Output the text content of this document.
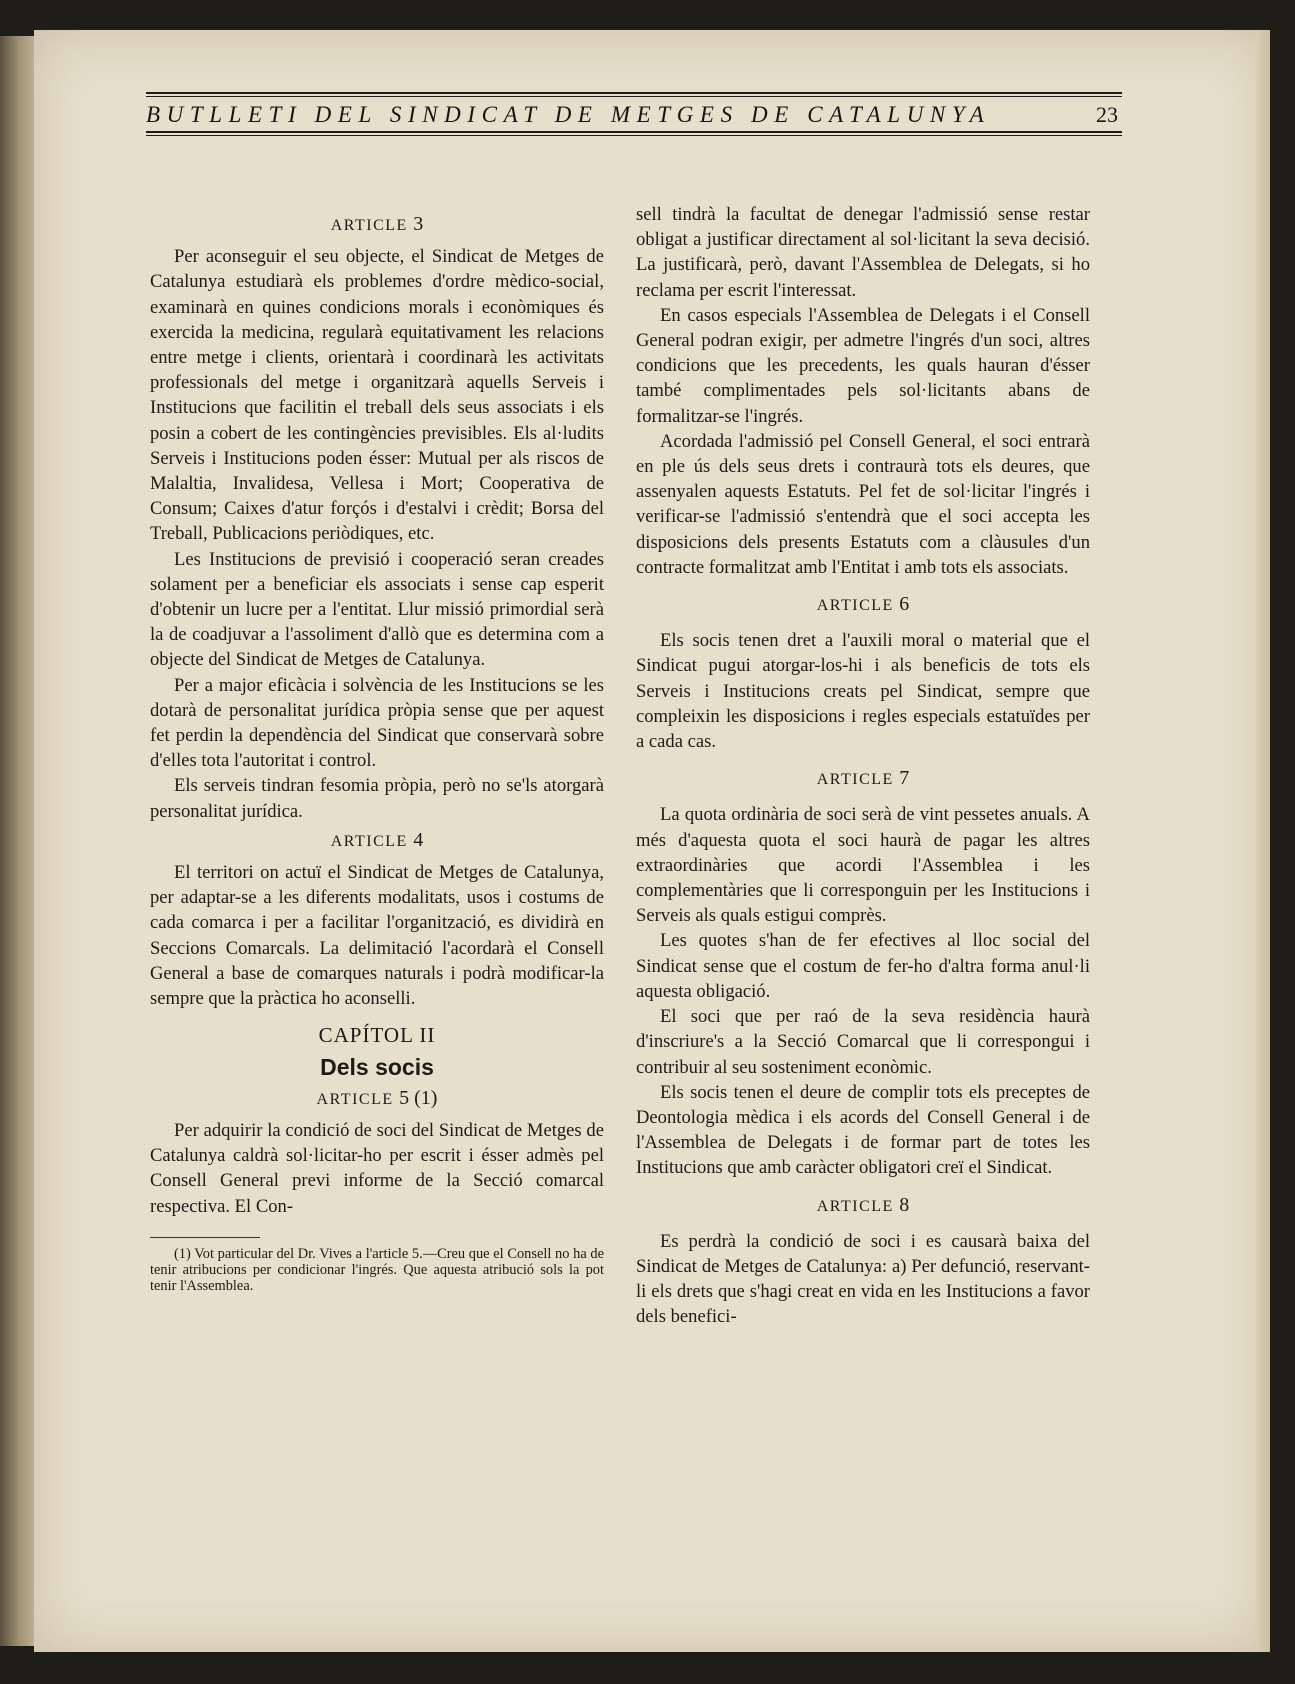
BUTLLETI DEL SINDICAT DE METGES DE CATALUNYA	23
ARTICLE 3

Per aconseguir el seu objecte, el Sindicat de Metges de Catalunya estudiarà els problemes d'ordre mèdico-social, examinarà en quines condicions morals i econòmiques és exercida la medicina, regularà equitativament les relacions entre metge i clients, orientarà i coordinarà les activitats professionals del metge i organitzarà aquells Serveis i Institucions que facilitin el treball dels seus associats i els posin a cobert de les contingències previsibles. Els al·ludits Serveis i Institucions poden ésser: Mutual per als riscos de Malaltia, Invalidesa, Vellesa i Mort; Cooperativa de Consum; Caixes d'atur forçós i d'estalvi i crèdit; Borsa del Treball, Publicacions periòdiques, etc.

Les Institucions de previsió i cooperació seran creades solament per a beneficiar els associats i sense cap esperit d'obtenir un lucre per a l'entitat. Llur missió primordial serà la de coadjuvar a l'assoliment d'allò que es determina com a objecte del Sindicat de Metges de Catalunya.

Per a major eficàcia i solvència de les Institucions se les dotarà de personalitat jurídica pròpia sense que per aquest fet perdin la dependència del Sindicat que conservarà sobre d'elles tota l'autoritat i control.

Els serveis tindran fesomia pròpia, però no se'ls atorgarà personalitat jurídica.

ARTICLE 4

El territori on actuï el Sindicat de Metges de Catalunya, per adaptar-se a les diferents modalitats, usos i costums de cada comarca i per a facilitar l'organització, es dividirà en Seccions Comarcals. La delimitació l'acordarà el Consell General a base de comarques naturals i podrà modificar-la sempre que la pràctica ho aconselli.

CAPÍTOL II
Dels socis
ARTICLE 5 (1)

Per adquirir la condició de soci del Sindicat de Metges de Catalunya caldrà sol·licitar-ho per escrit i ésser admès pel Consell General previ informe de la Secció comarcal respectiva. El Con-

(1) Vot particular del Dr. Vives a l'article 5.—Creu que el Consell no ha de tenir atribucions per condicionar l'ingrés. Que aquesta atribució sols la pot tenir l'Assemblea.

sell tindrà la facultat de denegar l'admissió sense restar obligat a justificar directament al sol·licitant la seva decisió. La justificarà, però, davant l'Assemblea de Delegats, si ho reclama per escrit l'interessat.

En casos especials l'Assemblea de Delegats i el Consell General podran exigir, per admetre l'ingrés d'un soci, altres condicions que les precedents, les quals hauran d'ésser també complimentades pels sol·licitants abans de formalitzar-se l'ingrés.

Acordada l'admissió pel Consell General, el soci entrarà en ple ús dels seus drets i contraurà tots els deures, que assenyalen aquests Estatuts. Pel fet de sol·licitar l'ingrés i verificar-se l'admissió s'entendrà que el soci accepta les disposicions dels presents Estatuts com a clàusules d'un contracte formalitzat amb l'Entitat i amb tots els associats.

ARTICLE 6

Els socis tenen dret a l'auxili moral o material que el Sindicat pugui atorgar-los-hi i als beneficis de tots els Serveis i Institucions creats pel Sindicat, sempre que compleixin les disposicions i regles especials estatuïdes per a cada cas.

ARTICLE 7

La quota ordinària de soci serà de vint pessetes anuals. A més d'aquesta quota el soci haurà de pagar les altres extraordinàries que acordi l'Assemblea i les complementàries que li corresponguin per les Institucions i Serveis als quals estigui comprès.

Les quotes s'han de fer efectives al lloc social del Sindicat sense que el costum de fer-ho d'altra forma anul·li aquesta obligació.

El soci que per raó de la seva residència haurà d'inscriure's a la Secció Comarcal que li correspongui i contribuir al seu sosteniment econòmic.

Els socis tenen el deure de complir tots els preceptes de Deontologia mèdica i els acords del Consell General i de l'Assemblea de Delegats i de formar part de totes les Institucions que amb caràcter obligatori creï el Sindicat.

ARTICLE 8

Es perdrà la condició de soci i es causarà baixa del Sindicat de Metges de Catalunya: a) Per defunció, reservant-li els drets que s'hagi creat en vida en les Institucions a favor dels benefici-
